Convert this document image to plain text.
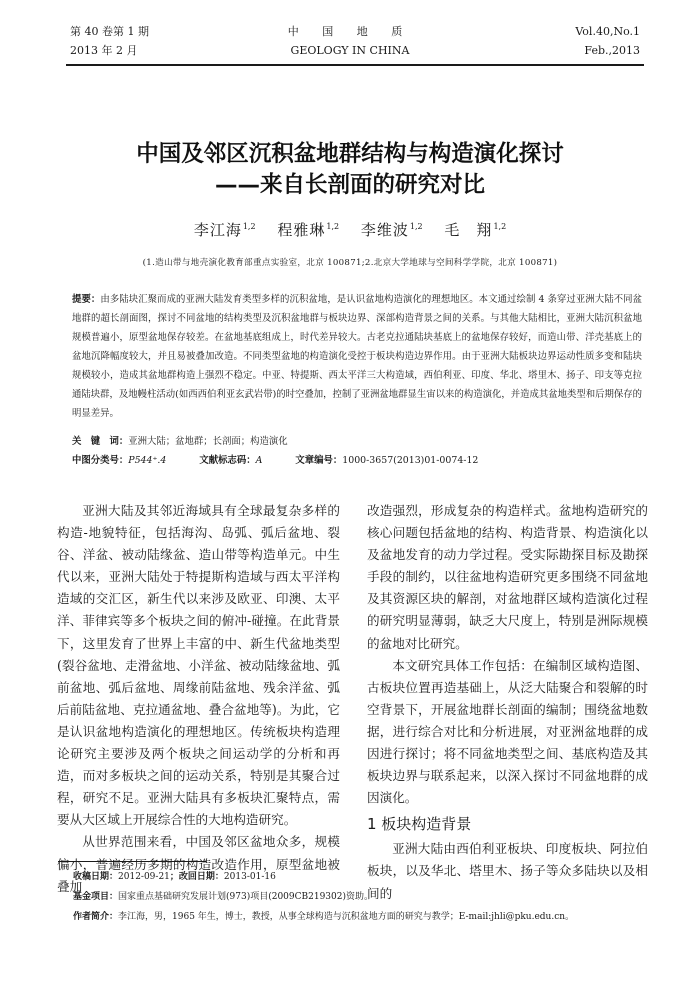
第 40 卷第 1 期
2013 年 2 月
中 国 地 质
GEOLOGY IN CHINA
Vol.40,No.1
Feb.,2013
中国及邻区沉积盆地群结构与构造演化探讨
——来自长剖面的研究对比
李江海$^{1,2}$ 程雅琳$^{1,2}$ 李维波$^{1,2}$ 毛　翔$^{1,2}$
(1.造山带与地壳演化教育部重点实验室，北京 100871;2.北京大学地球与空间科学学院，北京 100871)
提要：由多陆块汇聚而成的亚洲大陆发育类型多样的沉积盆地，是认识盆地构造演化的理想地区。本文通过绘制 4 条穿过亚洲大陆不同盆地群的超长剖面图，探讨不同盆地的结构类型及沉积盆地群与板块边界、深部构造背景之间的关系。与其他大陆相比，亚洲大陆沉积盆地规模普遍小，原型盆地保存较差。在盆地基底组成上，时代差异较大。古老克拉通陆块基底上的盆地保存较好，而造山带、洋壳基底上的盆地沉降幅度较大，并且易被叠加改造。不同类型盆地的构造演化受控于板块构造边界作用。由于亚洲大陆板块边界运动性质多变和陆块规模较小，造成其盆地群构造上强烈不稳定。中亚、特提斯、西太平洋三大构造域，西伯利亚、印度、华北、塔里木、扬子、印支等克拉通陆块群，及地幔柱活动(如西西伯利亚玄武岩带)的时空叠加，控制了亚洲盆地群显生宙以来的构造演化，并造成其盆地类型和后期保存的明显差异。
关　键　词：亚洲大陆；盆地群；长剖面；构造演化
中图分类号：P544⁺.4	文献标志码：A	文章编号：1000-3657(2013)01-0074-12

亚洲大陆及其邻近海域具有全球最复杂多样的构造-地貌特征，包括海沟、岛弧、弧后盆地、裂谷、洋盆、被动陆缘盆、造山带等构造单元。中生代以来，亚洲大陆处于特提斯构造域与西太平洋构造域的交汇区，新生代以来涉及欧亚、印澳、太平洋、菲律宾等多个板块之间的俯冲-碰撞。在此背景下，这里发育了世界上丰富的中、新生代盆地类型(裂谷盆地、走滑盆地、小洋盆、被动陆缘盆地、弧前盆地、弧后盆地、周缘前陆盆地、残余洋盆、弧后前陆盆地、克拉通盆地、叠合盆地等)。为此，它是认识盆地构造演化的理想地区。传统板块构造理论研究主要涉及两个板块之间运动学的分析和再造，而对多板块之间的运动关系，特别是其聚合过程，研究不足。亚洲大陆具有多板块汇聚特点，需要从大区域上开展综合性的大地构造研究。

从世界范围来看，中国及邻区盆地众多，规模偏小，普遍经历多期的构造改造作用，原型盆地被叠加

改造强烈，形成复杂的构造样式。盆地构造研究的核心问题包括盆地的结构、构造背景、构造演化以及盆地发育的动力学过程。受实际勘探目标及勘探手段的制约，以往盆地构造研究更多围绕不同盆地及其资源区块的解剖，对盆地群区域构造演化过程的研究明显薄弱，缺乏大尺度上，特别是洲际规模的盆地对比研究。

本文研究具体工作包括：在编制区域构造图、古板块位置再造基础上，从泛大陆聚合和裂解的时空背景下，开展盆地群长剖面的编制；围绕盆地数据，进行综合对比和分析进展，对亚洲盆地群的成因进行探讨；将不同盆地类型之间、基底构造及其板块边界与联系起来，以深入探讨不同盆地群的成因演化。

1 板块构造背景

亚洲大陆由西伯利亚板块、印度板块、阿拉伯板块，以及华北、塔里木、扬子等众多陆块以及相间的

收稿日期：2012-09-21；改回日期：2013-01-16
基金项目：国家重点基础研究发展计划(973)项目(2009CB219302)资助。
作者简介：李江海，男，1965 年生，博士，教授，从事全球构造与沉积盆地方面的研究与教学；E-mail:jhli@pku.edu.cn。
